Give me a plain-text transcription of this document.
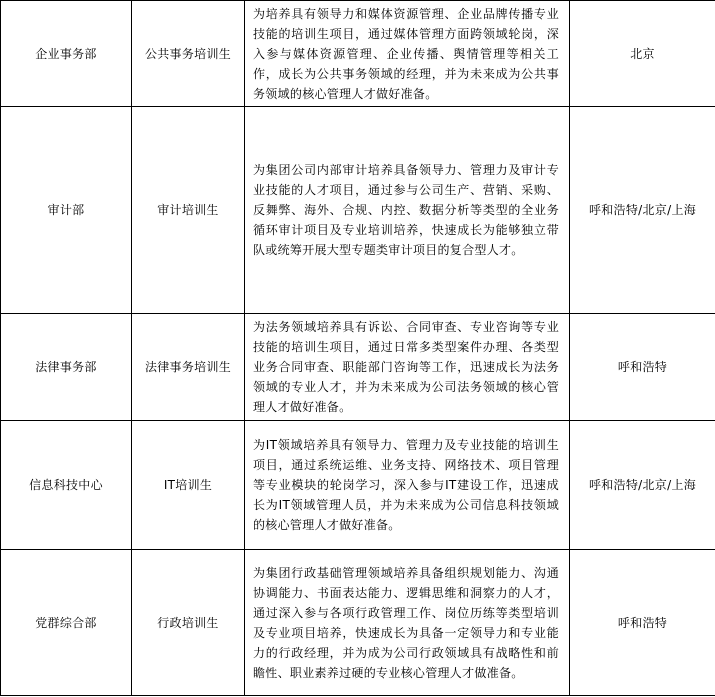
企业事务部	公共事务培训生	为培养具有领导力和媒体资源管理、企业品牌传播专业技能的培训生项目，通过媒体管理方面跨领域轮岗，深入参与媒体资源管理、企业传播、舆情管理等相关工作，成长为公共事务领域的经理，并为未来成为公共事务领域的核心管理人才做好准备。	北京
审计部	审计培训生	为集团公司内部审计培养具备领导力、管理力及审计专业技能的人才项目，通过参与公司生产、营销、采购、反舞弊、海外、合规、内控、数据分析等类型的全业务循环审计项目及专业培训培养，快速成长为能够独立带队或统筹开展大型专题类审计项目的复合型人才。	呼和浩特/北京/上海
法律事务部	法律事务培训生	为法务领域培养具有诉讼、合同审查、专业咨询等专业技能的培训生项目，通过日常多类型案件办理、各类型业务合同审查、职能部门咨询等工作，迅速成长为法务领域的专业人才，并为未来成为公司法务领域的核心管理人才做好准备。	呼和浩特
信息科技中心	IT培训生	为IT领域培养具有领导力、管理力及专业技能的培训生项目，通过系统运维、业务支持、网络技术、项目管理等专业模块的轮岗学习，深入参与IT建设工作，迅速成长为IT领域管理人员，并为未来成为公司信息科技领域的核心管理人才做好准备。	呼和浩特/北京/上海
党群综合部	行政培训生	为集团行政基础管理领域培养具备组织规划能力、沟通协调能力、书面表达能力、逻辑思维和洞察力的人才，通过深入参与各项行政管理工作、岗位历练等类型培训及专业项目培养，快速成长为具备一定领导力和专业能力的行政经理，并为成为公司行政领域具有战略性和前瞻性、职业素养过硬的专业核心管理人才做准备。	呼和浩特
